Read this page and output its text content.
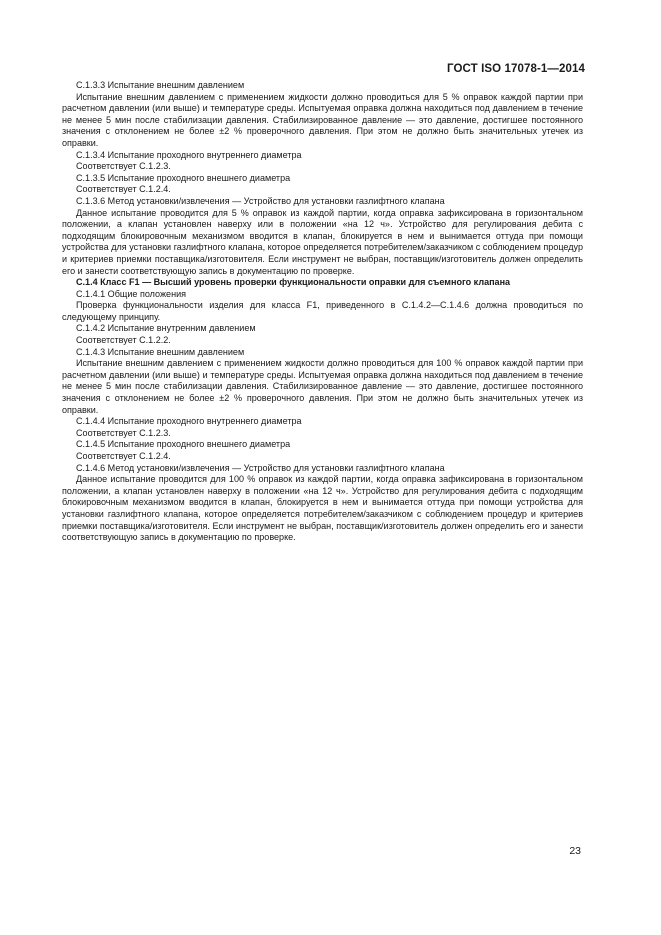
ГОСТ ISO 17078-1—2014

C.1.3.3 Испытание внешним давлением

Испытание внешним давлением с применением жидкости должно проводиться для 5 % оправок каждой партии при расчетном давлении (или выше) и температуре среды. Испытуемая оправка должна находиться под давлением в течение не менее 5 мин после стабилизации давления. Стабилизированное давление — это давление, достигшее постоянного значения с отклонением не более ±2 % проверочного давления. При этом не должно быть значительных утечек из оправки.

C.1.3.4 Испытание проходного внутреннего диаметра

Соответствует C.1.2.3.

C.1.3.5 Испытание проходного внешнего диаметра

Соответствует C.1.2.4.

C.1.3.6 Метод установки/извлечения — Устройство для установки газлифтного клапана

Данное испытание проводится для 5 % оправок из каждой партии, когда оправка зафиксирована в горизонтальном положении, а клапан установлен наверху или в положении «на 12 ч». Устройство для регулирования дебита с подходящим блокировочным механизмом вводится в клапан, блокируется в нем и вынимается оттуда при помощи устройства для установки газлифтного клапана, которое определяется потребителем/заказчиком с соблюдением процедур и критериев приемки поставщика/изготовителя. Если инструмент не выбран, поставщик/изготовитель должен определить его и занести соответствующую запись в документацию по проверке.

C.1.4 Класс F1 — Высший уровень проверки функциональности оправки для съемного клапана

C.1.4.1 Общие положения

Проверка функциональности изделия для класса F1, приведенного в C.1.4.2—C.1.4.6 должна проводиться по следующему принципу.

C.1.4.2 Испытание внутренним давлением

Соответствует C.1.2.2.

C.1.4.3 Испытание внешним давлением

Испытание внешним давлением с применением жидкости должно проводиться для 100 % оправок каждой партии при расчетном давлении (или выше) и температуре среды. Испытуемая оправка должна находиться под давлением в течение не менее 5 мин после стабилизации давления. Стабилизированное давление — это давление, достигшее постоянного значения с отклонением не более ±2 % проверочного давления. При этом не должно быть значительных утечек из оправки.

C.1.4.4 Испытание проходного внутреннего диаметра

Соответствует C.1.2.3.

C.1.4.5 Испытание проходного внешнего диаметра

Соответствует C.1.2.4.

C.1.4.6 Метод установки/извлечения — Устройство для установки газлифтного клапана

Данное испытание проводится для 100 % оправок из каждой партии, когда оправка зафиксирована в горизонтальном положении, а клапан установлен наверху в положении «на 12 ч». Устройство для регулирования дебита с подходящим блокировочным механизмом вводится в клапан, блокируется в нем и вынимается оттуда при помощи устройства для установки газлифтного клапана, которое определяется потребителем/заказчиком с соблюдением процедур и критериев приемки поставщика/изготовителя. Если инструмент не выбран, поставщик/изготовитель должен определить его и занести соответствующую запись в документацию по проверке.

23
